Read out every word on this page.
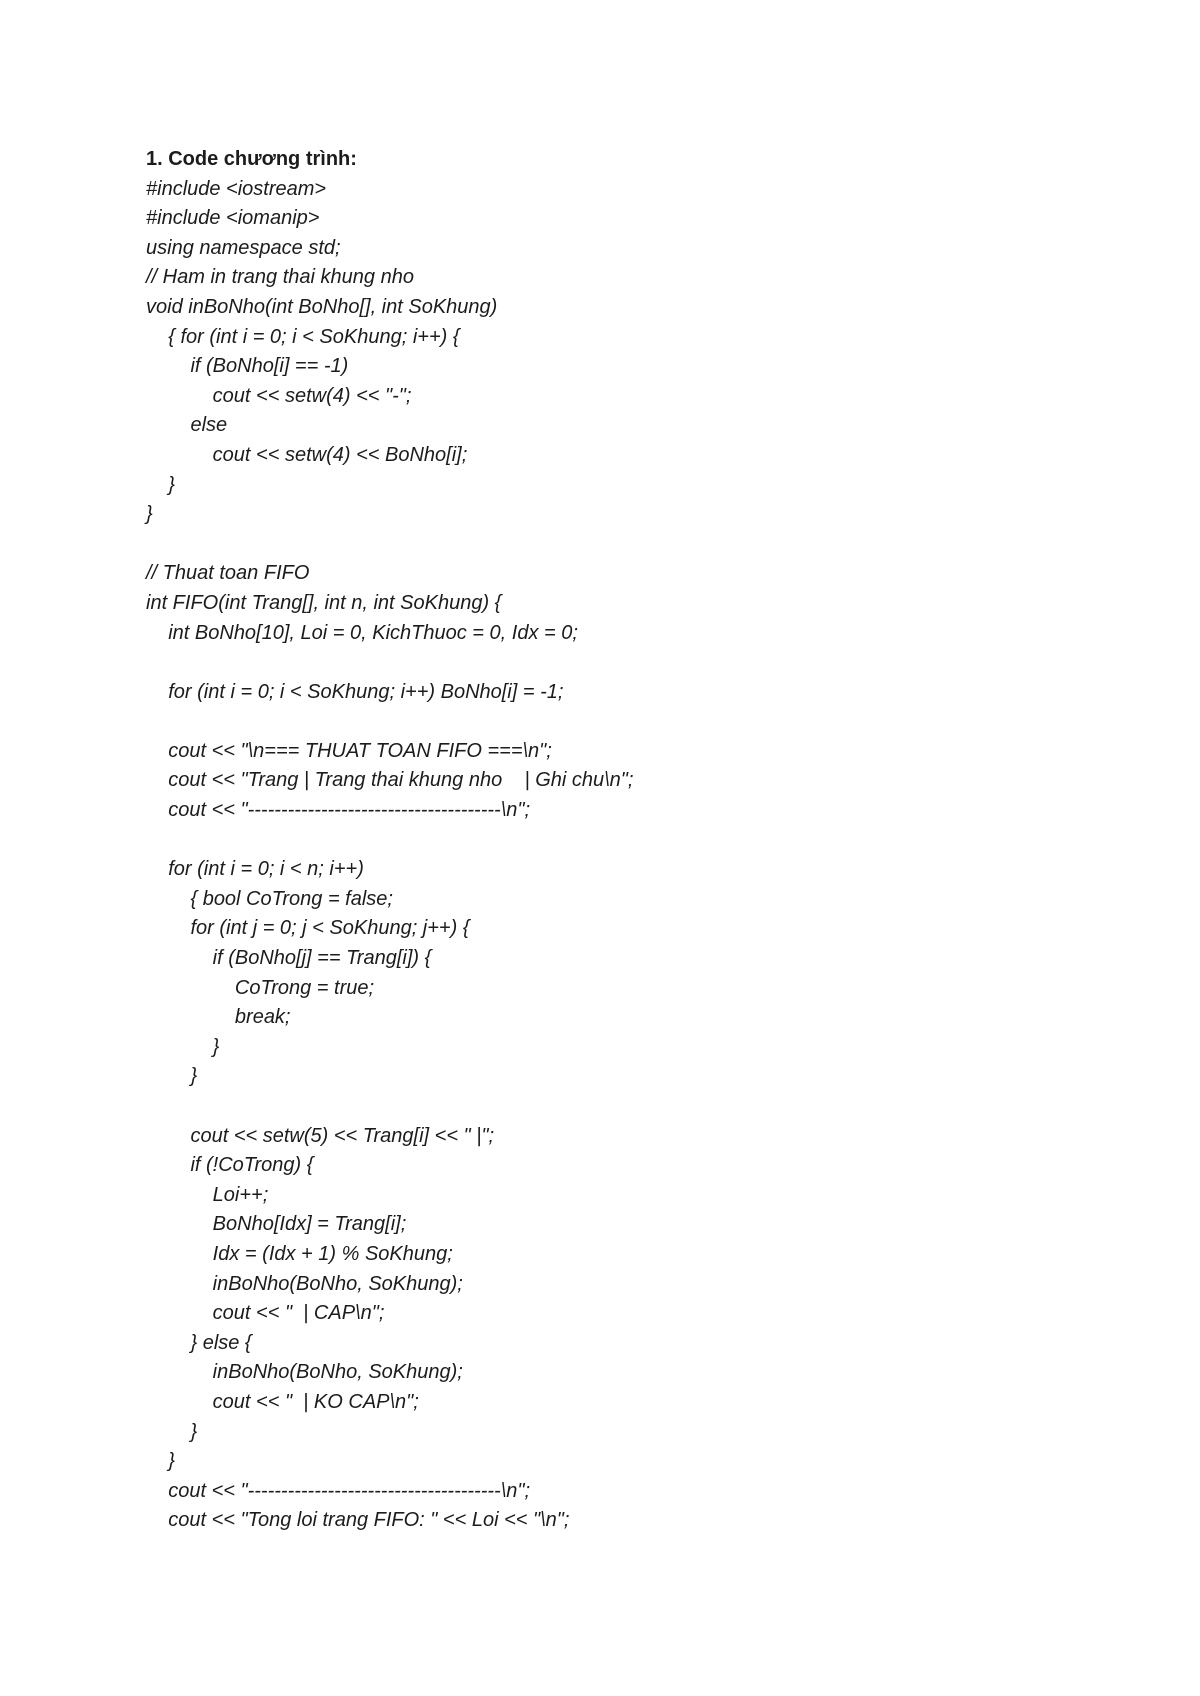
1. Code chương trình:
#include <iostream>
#include <iomanip>
using namespace std;
// Ham in trang thai khung nho
void inBoNho(int BoNho[], int SoKhung)
{ for (int i = 0; i < SoKhung; i++) {
if (BoNho[i] == -1)
cout << setw(4) << "-";
else
cout << setw(4) << BoNho[i];
}
}
// Thuat toan FIFO
int FIFO(int Trang[], int n, int SoKhung) {
int BoNho[10], Loi = 0, KichThuoc = 0, Idx = 0;
for (int i = 0; i < SoKhung; i++) BoNho[i] = -1;
cout << "\n=== THUAT TOAN FIFO ===\n";
cout << "Trang | Trang thai khung nho    | Ghi chu\n";
cout << "--------------------------------------\n";
for (int i = 0; i < n; i++)
{ bool CoTrong = false;
for (int j = 0; j < SoKhung; j++) {
if (BoNho[j] == Trang[i]) {
CoTrong = true;
break;
}
}
cout << setw(5) << Trang[i] << " |";
if (!CoTrong) {
Loi++;
BoNho[Idx] = Trang[i];
Idx = (Idx + 1) % SoKhung;
inBoNho(BoNho, SoKhung);
cout << "  | CAP\n";
} else {
inBoNho(BoNho, SoKhung);
cout << "  | KO CAP\n";
}
}
cout << "--------------------------------------\n";
cout << "Tong loi trang FIFO: " << Loi << "\n";
